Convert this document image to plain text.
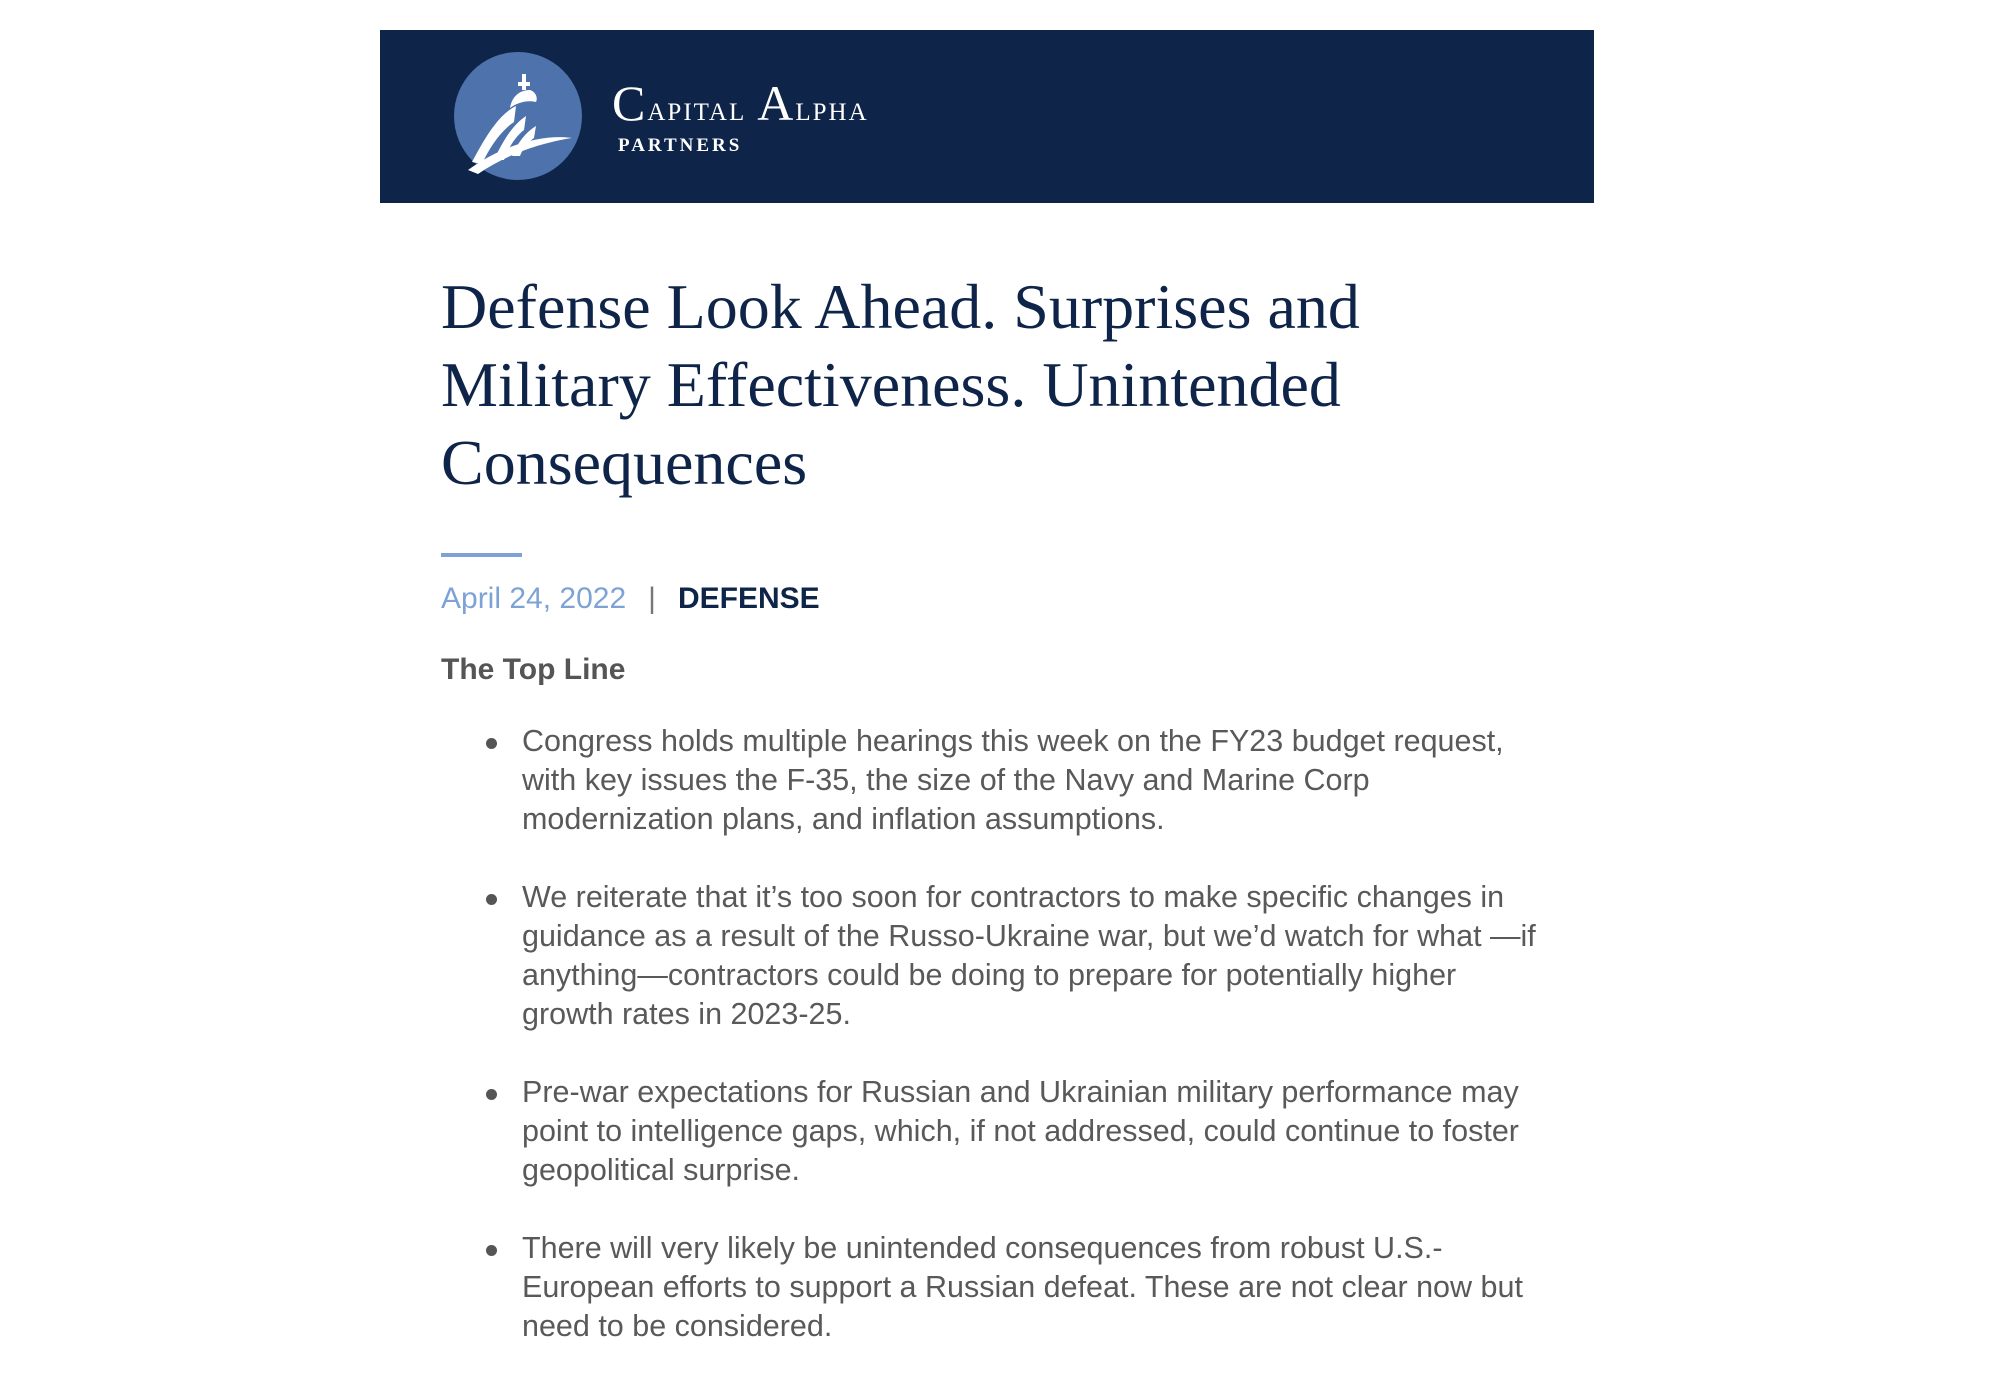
Capital Alpha
PARTNERS
Defense Look Ahead. Surprises and Military Effectiveness. Unintended Consequences
April 24, 2022 | DEFENSE
The Top Line
Congress holds multiple hearings this week on the FY23 budget request, with key issues the F-35, the size of the Navy and Marine Corp modernization plans, and inflation assumptions.
We reiterate that it’s too soon for contractors to make specific changes in guidance as a result of the Russo-Ukraine war, but we’d watch for what —if anything—contractors could be doing to prepare for potentially higher growth rates in 2023-25.
Pre-war expectations for Russian and Ukrainian military performance may point to intelligence gaps, which, if not addressed, could continue to foster geopolitical surprise.
There will very likely be unintended consequences from robust U.S.-European efforts to support a Russian defeat. These are not clear now but need to be considered.
